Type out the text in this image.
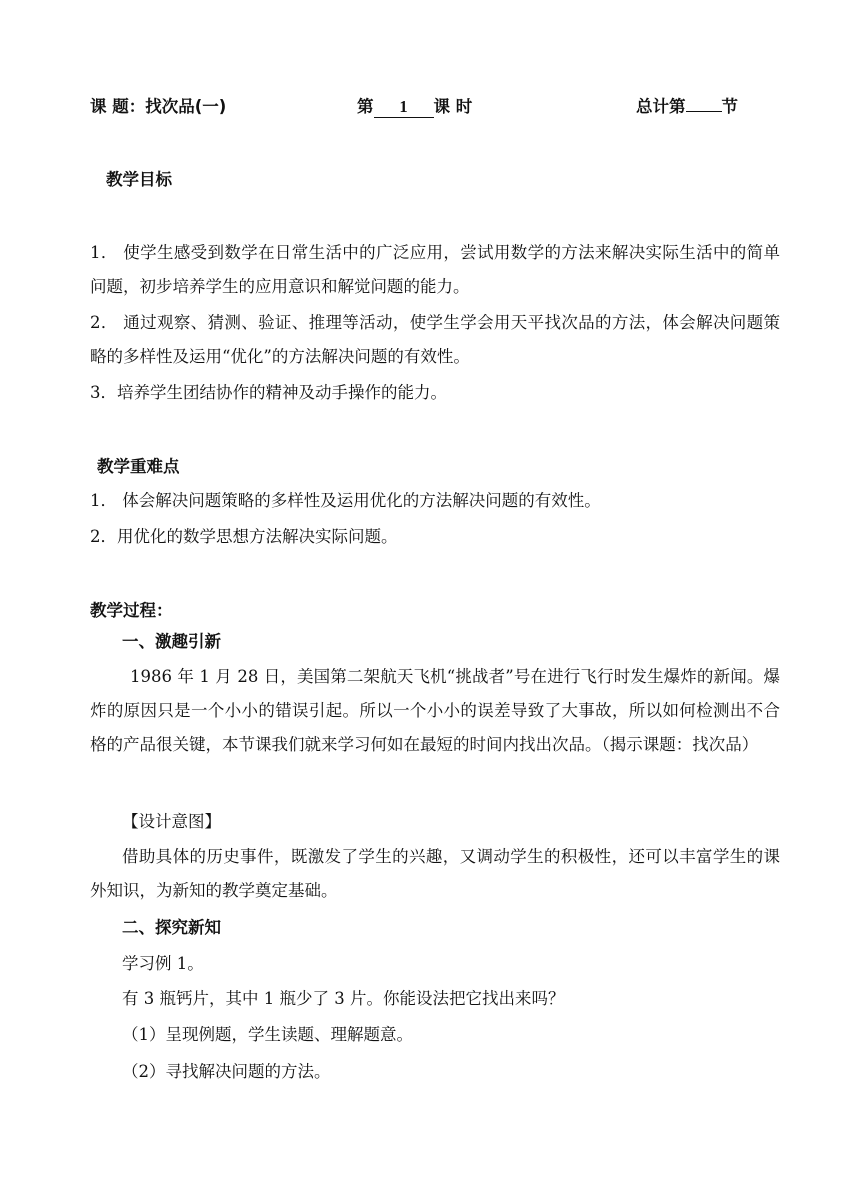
课 题：找次品(一)	第 1 课 时	总计第 节
教学目标
1． 使学生感受到数学在日常生活中的广泛应用，尝试用数学的方法来解决实际生活中的简单问题，初步培养学生的应用意识和解觉问题的能力。
2． 通过观察、猜测、验证、推理等活动，使学生学会用天平找次品的方法，体会解决问题策略的多样性及运用“优化”的方法解决问题的有效性。
3．培养学生团结协作的精神及动手操作的能力。
教学重难点
1． 体会解决问题策略的多样性及运用优化的方法解决问题的有效性。
2．用优化的数学思想方法解决实际问题。
教学过程：
一、激趣引新
1986 年 1 月 28 日，美国第二架航天飞机“挑战者”号在进行飞行时发生爆炸的新闻。爆炸的原因只是一个小小的错误引起。所以一个小小的误差导致了大事故，所以如何检测出不合格的产品很关键，本节课我们就来学习何如在最短的时间内找出次品。（揭示课题：找次品）
【设计意图】
借助具体的历史事件，既激发了学生的兴趣，又调动学生的积极性，还可以丰富学生的课外知识，为新知的教学奠定基础。
二、探究新知
学习例 1。
有 3 瓶钙片，其中 1 瓶少了 3 片。你能设法把它找出来吗？
（1）呈现例题，学生读题、理解题意。
（2）寻找解决问题的方法。
